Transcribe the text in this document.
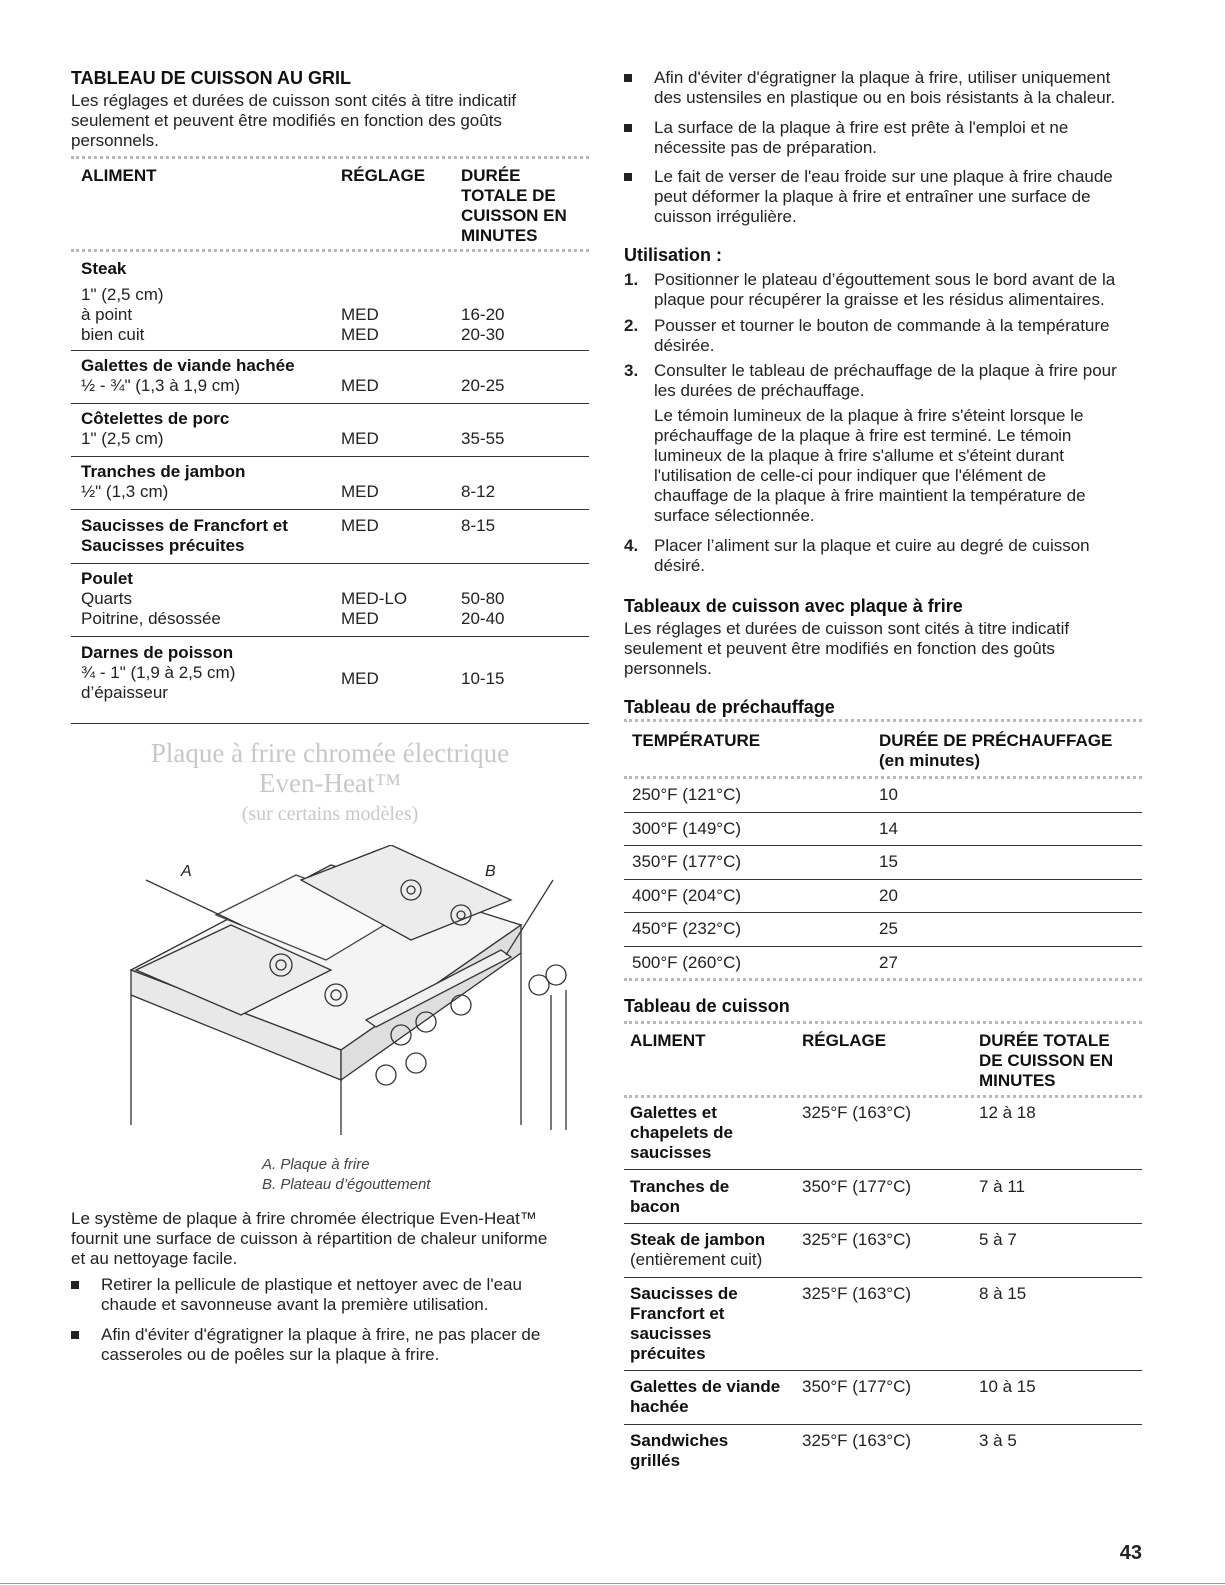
TABLEAU DE CUISSON AU GRIL

Les réglages et durées de cuisson sont cités à titre indicatif

seulement et peuvent être modifiés en fonction des goûts

personnels.

ALIMENT	RÉGLAGE DURÉE
TOTALE DE
CUISSON EN
MINUTES
Steak
1" (2,5 cm)
à point	MED	16-20
bien cuit	MED	20-30
Galettes de viande hachée
½ - ¾" (1,3 à 1,9 cm)	MED	20-25
Côtelettes de porc
1" (2,5 cm)	MED	35-55
Tranches de jambon
½" (1,3 cm)	MED	8-12
Saucisses de Francfort et
Saucisses précuites
MED	8-15
Poulet
Quarts	MED-LO	50-80
Poitrine, désossée	MED	20-40
Darnes de poisson
¾ - 1" (1,9 à 2,5 cm)
d’épaisseur
MED	10-15
Plaque à frire chromée électrique
Even-Heat™
(sur certains modèles)
A	B
A. Plaque à frire
B. Plateau d’égouttement

Le système de plaque à frire chromée électrique Even-Heat™

fournit une surface de cuisson à répartition de chaleur uniforme

et au nettoyage facile.

Retirer la pellicule de plastique et nettoyer avec de l'eau
chaude et savonneuse avant la première utilisation.
Afin d'éviter d'égratigner la plaque à frire, ne pas placer de
casseroles ou de poêles sur la plaque à frire.
Afin d'éviter d'égratigner la plaque à frire, utiliser uniquement
des ustensiles en plastique ou en bois résistants à la chaleur.
La surface de la plaque à frire est prête à l'emploi et ne
nécessite pas de préparation.
Le fait de verser de l'eau froide sur une plaque à frire chaude
peut déformer la plaque à frire et entraîner une surface de
cuisson irrégulière.
Utilisation :
1. Positionner le plateau d’égouttement sous le bord avant de la
plaque pour récupérer la graisse et les résidus alimentaires.
2. Pousser et tourner le bouton de commande à la température
désirée.
3. Consulter le tableau de préchauffage de la plaque à frire pour
les durées de préchauffage.
Le témoin lumineux de la plaque à frire s'éteint lorsque le
préchauffage de la plaque à frire est terminé. Le témoin
lumineux de la plaque à frire s'allume et s'éteint durant
l'utilisation de celle-ci pour indiquer que l'élément de
chauffage de la plaque à frire maintient la température de
surface sélectionnée.
4. Placer l’aliment sur la plaque et cuire au degré de cuisson
désiré.
Tableaux de cuisson avec plaque à frire

Les réglages et durées de cuisson sont cités à titre indicatif

seulement et peuvent être modifiés en fonction des goûts

personnels.

Tableau de préchauffage
TEMPÉRATURE	DURÉE DE PRÉCHAUFFAGE
(en minutes)
250°F (121°C)	10
300°F (149°C)	14
350°F (177°C)	15
400°F (204°C)	20
450°F (232°C)	25
500°F (260°C)	27
Tableau de cuisson
ALIMENT	RÉGLAGE	DURÉE TOTALE
DE CUISSON EN
MINUTES
Galettes et
chapelets de
saucisses
325°F (163°C)	12 à 18
Tranches de
bacon
350°F (177°C)	7 à 11
Steak de jambon
(entièrement cuit)
325°F (163°C)	5 à 7
Saucisses de
Francfort et
saucisses
précuites
325°F (163°C)	8 à 15
Galettes de viande
hachée
350°F (177°C)	10 à 15
Sandwiches
grillés
325°F (163°C)	3 à 5
43
